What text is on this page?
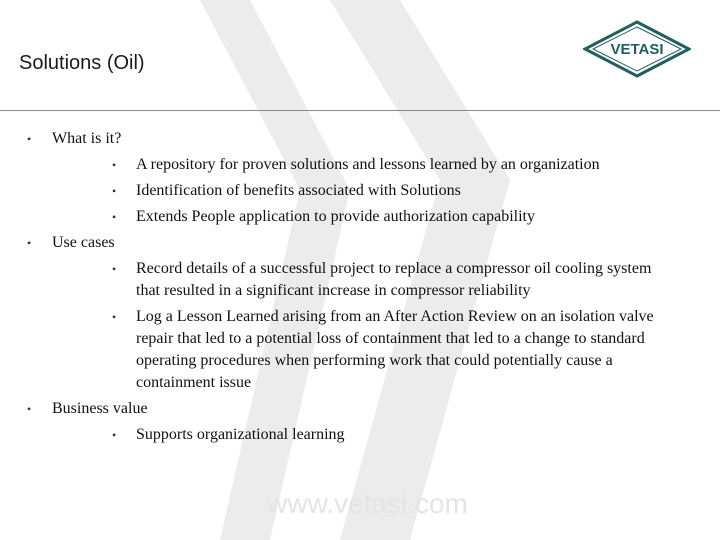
Solutions (Oil)
VETASI
• What is it?
• A repository for proven solutions and lessons learned by an organization
• Identification of benefits associated with Solutions
• Extends People application to provide authorization capability
• Use cases
• Record details of a successful project to replace a compressor oil cooling system that resulted in a significant increase in compressor reliability
• Log a Lesson Learned arising from an After Action Review on an isolation valve repair that led to a potential loss of containment that led to a change to standard operating procedures when performing work that could potentially cause a containment issue
• Business value
• Supports organizational learning
www.vetasi.com
